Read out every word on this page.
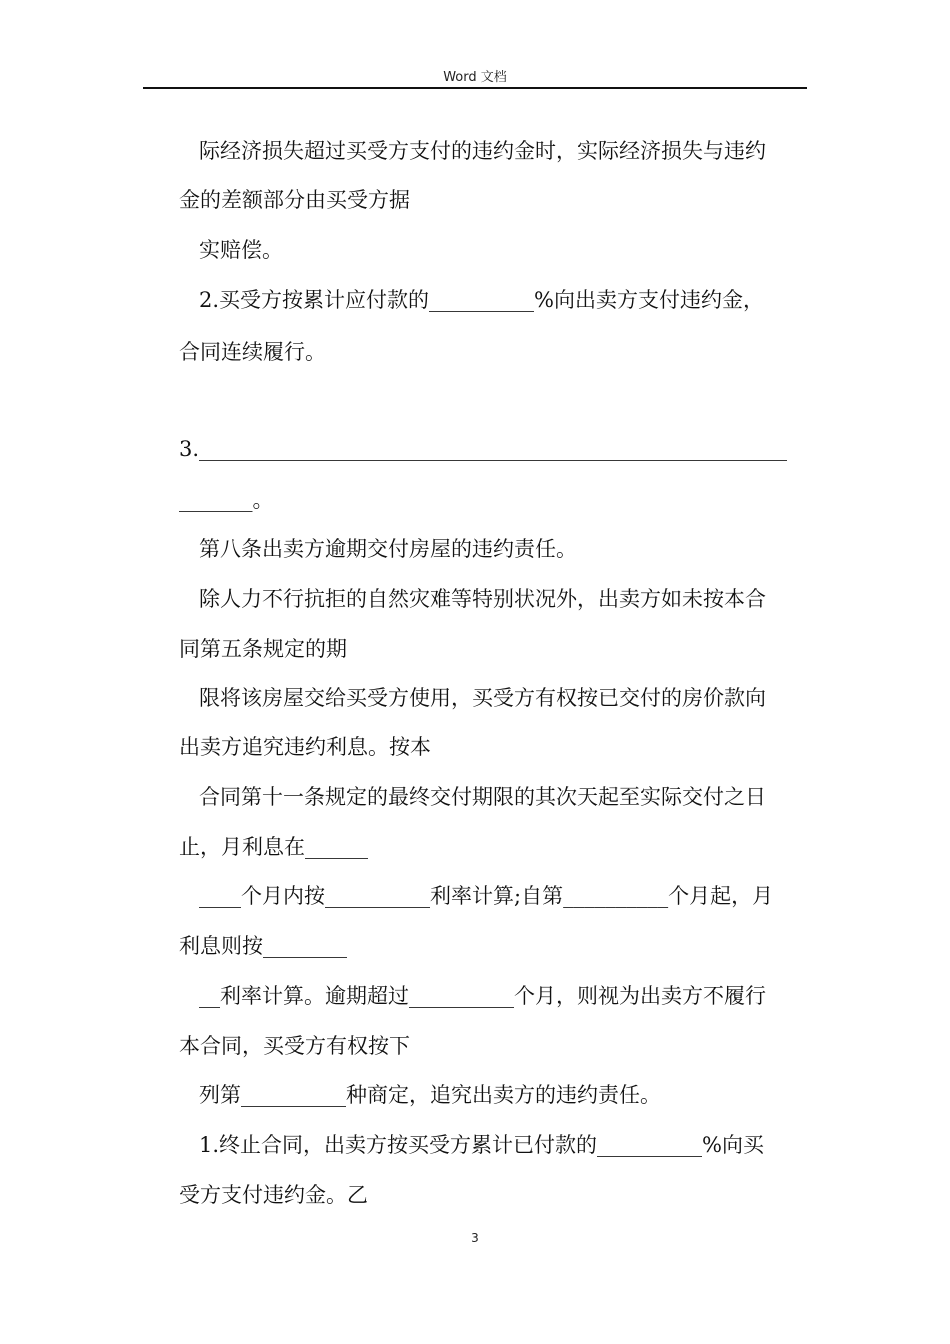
Word 文档
际经济损失超过买受方支付的违约金时，实际经济损失与违约
金的差额部分由买受方据
实赔偿。
2.买受方按累计应付款的__________%向出卖方支付违约金，
合同连续履行。
3.________________________________________________________
_______。
第八条出卖方逾期交付房屋的违约责任。
除人力不行抗拒的自然灾难等特别状况外，出卖方如未按本合
同第五条规定的期
限将该房屋交给买受方使用，买受方有权按已交付的房价款向
出卖方追究违约利息。按本
合同第十一条规定的最终交付期限的其次天起至实际交付之日
止，月利息在______
____个月内按__________利率计算;自第__________个月起，月
利息则按________
__利率计算。逾期超过__________个月，则视为出卖方不履行
本合同，买受方有权按下
列第__________种商定，追究出卖方的违约责任。
1.终止合同，出卖方按买受方累计已付款的__________%向买
受方支付违约金。乙
3
